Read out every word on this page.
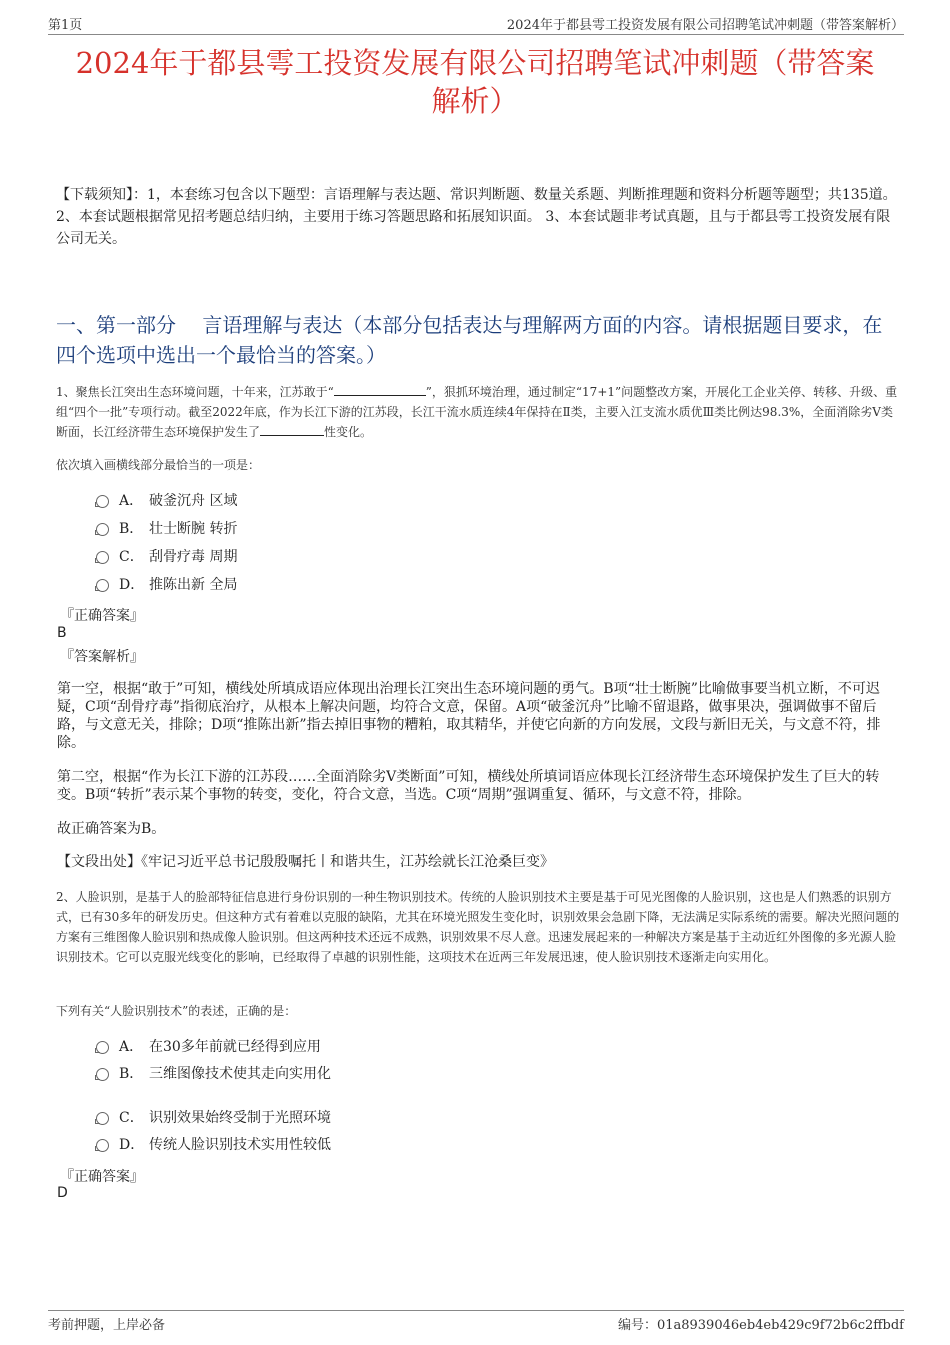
第1页	2024年于都县雩工投资发展有限公司招聘笔试冲刺题（带答案解析）
2024年于都县雩工投资发展有限公司招聘笔试冲刺题（带答案
解析）
【下载须知】：1，本套练习包含以下题型：言语理解与表达题、常识判断题、数量关系题、判断推理题和资料分析题等题型；共135道。 2、本套试题根据常见招考题总结归纳，主要用于练习答题思路和拓展知识面。 3、本套试题非考试真题，且与于都县雩工投资发展有限公司无关。
一、第一部分　 言语理解与表达（本部分包括表达与理解两方面的内容。请根据题目要求，在四个选项中选出一个最恰当的答案。）
1、聚焦长江突出生态环境问题，十年来，江苏敢于“	”，狠抓环境治理，通过制定“17+1”问题整改方案，开展化工企业关停、转移、升级、重组“四个一批”专项行动。截至2022年底，作为长江下游的江苏段，长江干流水质连续4年保持在Ⅱ类，主要入江支流水质优Ⅲ类比例达98.3%，全面消除劣V类断面，长江经济带生态环境保护发生了	性变化。
依次填入画横线部分最恰当的一项是：
A． 破釜沉舟 区域
B． 壮士断腕 转折
C． 刮骨疗毒 周期
D． 推陈出新 全局
『正确答案』
B
『答案解析』
第一空，根据“敢于”可知，横线处所填成语应体现出治理长江突出生态环境问题的勇气。B项“壮士断腕”比喻做事要当机立断，不可迟疑，C项“刮骨疗毒”指彻底治疗，从根本上解决问题，均符合文意，保留。A项“破釜沉舟”比喻不留退路，做事果决，强调做事不留后路，与文意无关，排除；D项“推陈出新”指去掉旧事物的糟粕，取其精华，并使它向新的方向发展，文段与新旧无关，与文意不符，排除。
第二空，根据“作为长江下游的江苏段……全面消除劣V类断面”可知，横线处所填词语应体现长江经济带生态环境保护发生了巨大的转变。B项“转折”表示某个事物的转变，变化，符合文意，当选。C项“周期”强调重复、循环，与文意不符，排除。
故正确答案为B。
【文段出处】《牢记习近平总书记殷殷嘱托丨和谐共生，江苏绘就长江沧桑巨变》
2、人脸识别，是基于人的脸部特征信息进行身份识别的一种生物识别技术。传统的人脸识别技术主要是基于可见光图像的人脸识别，这也是人们熟悉的识别方式，已有30多年的研发历史。但这种方式有着难以克服的缺陷，尤其在环境光照发生变化时，识别效果会急剧下降，无法满足实际系统的需要。解决光照问题的方案有三维图像人脸识别和热成像人脸识别。但这两种技术还远不成熟，识别效果不尽人意。迅速发展起来的一种解决方案是基于主动近红外图像的多光源人脸识别技术。它可以克服光线变化的影响，已经取得了卓越的识别性能，这项技术在近两三年发展迅速，使人脸识别技术逐渐走向实用化。
下列有关“人脸识别技术”的表述，正确的是：
A． 在30多年前就已经得到应用
B． 三维图像技术使其走向实用化
C． 识别效果始终受制于光照环境
D． 传统人脸识别技术实用性较低
『正确答案』
D
考前押题，上岸必备	编号：01a8939046eb4eb429c9f72b6c2ffbdf
